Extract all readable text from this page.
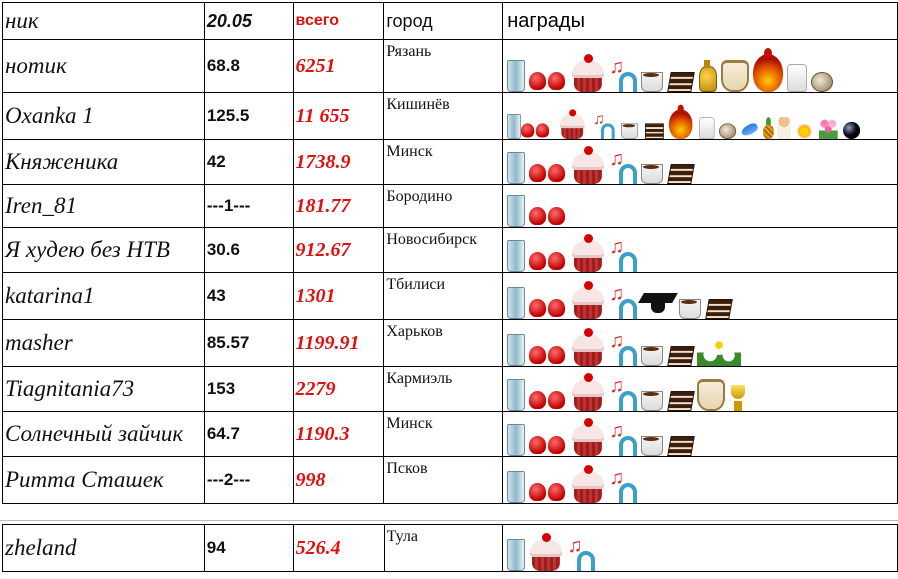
ник	20.05	всего	город	награды
нотик	68.8	6251	Рязань	
♫

Oxanka 1	125.5	11 655	Кишинёв	
♫

Княженика	42	1738.9	Минск	
♫

Iren_81	---1---	181.77	Бородино	

Я худею без НТВ	30.6	912.67	Новосибирск	
♫

katarina1	43	1301	Тбилиси	
♫

masher	85.57	1199.91	Харьков	
♫

Tiagnitania73	153	2279	Кармиэль	
♫

Солнечный зайчик	64.7	1190.3	Минск	
♫

Ритта Сташек	---2---	998	Псков	
♫
zheland	94	526.4	Тула	
♫
